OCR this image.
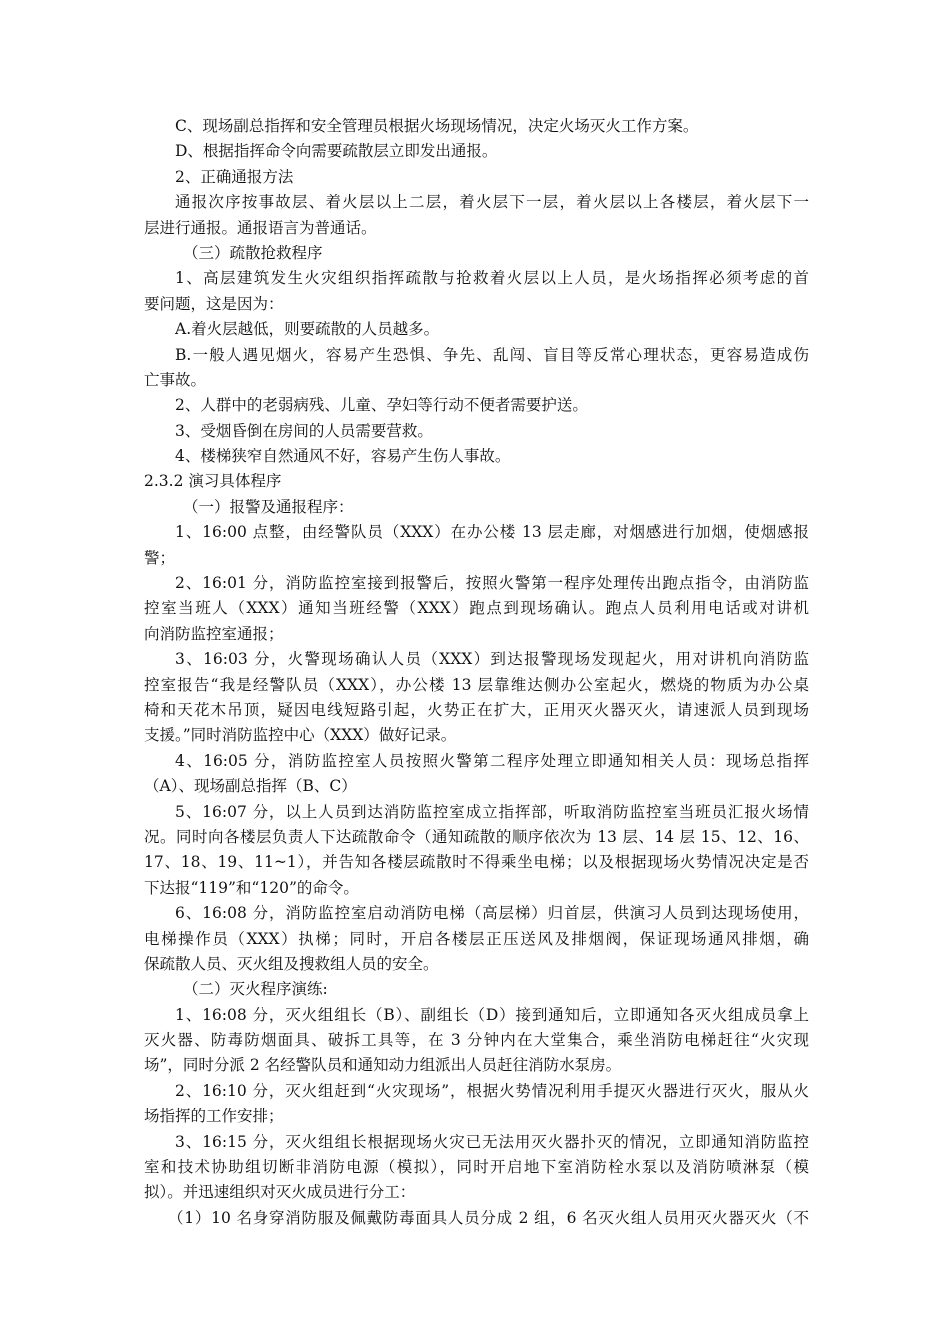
C、现场副总指挥和安全管理员根据火场现场情况，决定火场灭火工作方案。
D、根据指挥命令向需要疏散层立即发出通报。
2、正确通报方法
通报次序按事故层、着火层以上二层，着火层下一层，着火层以上各楼层，着火层下一
层进行通报。通报语言为普通话。
（三）疏散抢救程序
1、高层建筑发生火灾组织指挥疏散与抢救着火层以上人员，是火场指挥必须考虑的首
要问题，这是因为：
A.着火层越低，则要疏散的人员越多。
B.一般人遇见烟火，容易产生恐惧、争先、乱闯、盲目等反常心理状态，更容易造成伤
亡事故。
2、人群中的老弱病残、儿童、孕妇等行动不便者需要护送。
3、受烟昏倒在房间的人员需要营救。
4、楼梯狭窄自然通风不好，容易产生伤人事故。
2.3.2 演习具体程序
（一）报警及通报程序：
1、16:00 点整，由经警队员（XXX）在办公楼 13 层走廊，对烟感进行加烟，使烟感报
警；
2、16:01 分，消防监控室接到报警后，按照火警第一程序处理传出跑点指令，由消防监
控室当班人（XXX）通知当班经警（XXX）跑点到现场确认。跑点人员利用电话或对讲机
向消防监控室通报；
3、16:03 分，火警现场确认人员（XXX）到达报警现场发现起火，用对讲机向消防监
控室报告“我是经警队员（XXX），办公楼 13 层靠维达侧办公室起火，燃烧的物质为办公桌
椅和天花木吊顶，疑因电线短路引起，火势正在扩大，正用灭火器灭火，请速派人员到现场
支援。”同时消防监控中心（XXX）做好记录。
4、16:05 分，消防监控室人员按照火警第二程序处理立即通知相关人员：现场总指挥
（A）、现场副总指挥（B、C）
5、16:07 分，以上人员到达消防监控室成立指挥部，听取消防监控室当班员汇报火场情
况。同时向各楼层负责人下达疏散命令（通知疏散的顺序依次为 13 层、14 层 15、12、16、
17、18、19、11~1），并告知各楼层疏散时不得乘坐电梯；以及根据现场火势情况决定是否
下达报“119”和“120”的命令。
6、16:08 分，消防监控室启动消防电梯（高层梯）归首层，供演习人员到达现场使用，
电梯操作员（XXX）执梯；同时，开启各楼层正压送风及排烟阀，保证现场通风排烟，确
保疏散人员、灭火组及搜救组人员的安全。
（二）灭火程序演练:
1、16:08 分，灭火组组长（B）、副组长（D）接到通知后，立即通知各灭火组成员拿上
灭火器、防毒防烟面具、破拆工具等，在 3 分钟内在大堂集合，乘坐消防电梯赶往“火灾现
场”，同时分派 2 名经警队员和通知动力组派出人员赶往消防水泵房。
2、16:10 分，灭火组赶到“火灾现场”，根据火势情况利用手提灭火器进行灭火，服从火
场指挥的工作安排；
3、16:15 分，灭火组组长根据现场火灾已无法用灭火器扑灭的情况，立即通知消防监控
室和技术协助组切断非消防电源（模拟），同时开启地下室消防栓水泵以及消防喷淋泵（模
拟）。并迅速组织对灭火成员进行分工：
（1）10 名身穿消防服及佩戴防毒面具人员分成 2 组，6 名灭火组人员用灭火器灭火（不
